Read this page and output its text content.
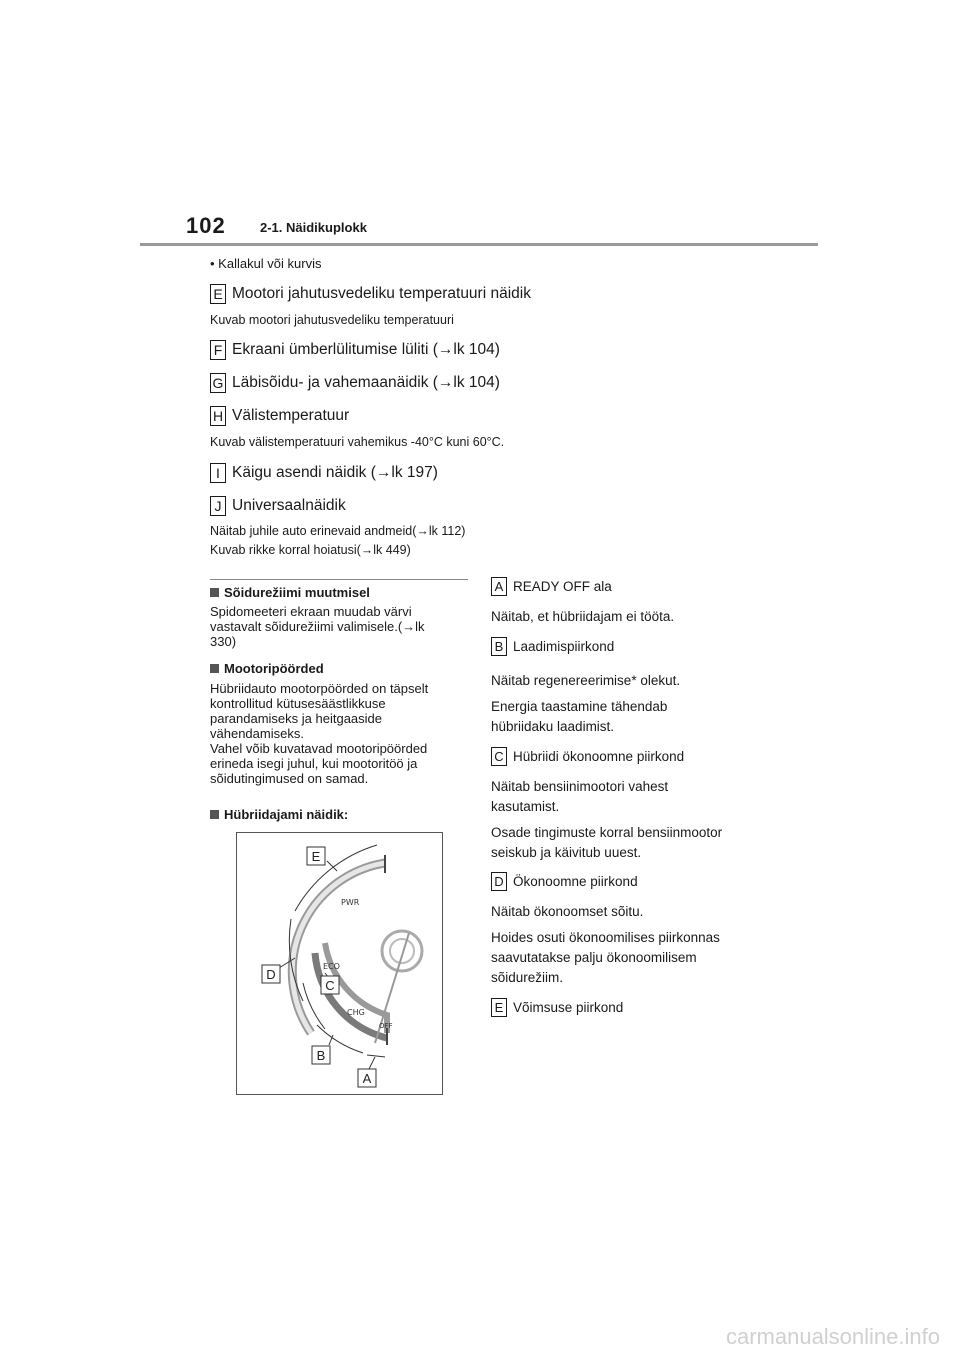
102	2-1. Näidikuplokk
• Kallakul või kurvis
E Mootori jahutusvedeliku temperatuuri näidik
Kuvab mootori jahutusvedeliku temperatuuri
F Ekraani ümberlülitumise lüliti (→lk 104)
G Läbisõidu- ja vahemaanäidik (→lk 104)
H Välistemperatuur
Kuvab välistemperatuuri vahemikus -40°C kuni 60°C.
I Käigu asendi näidik (→lk 197)
J Universaalnäidik
Näitab juhile auto erinevaid andmeid(→lk 112)
Kuvab rikke korral hoiatusi(→lk 449)
Sõidurežiimi muutmisel
Spidomeeteri ekraan muudab värvi
vastavalt sõidurežiimi valimisele.(→lk
330)
Mootoripöörded
Hübriidauto mootorpöörded on täpselt
kontrollitud kütusesäästlikkuse
parandamiseks ja heitgaaside
vähendamiseks.
Vahel võib kuvatavad mootoripöörded
erineda isegi juhul, kui mootoritöö ja
sõidutingimused on samad.
Hübriidajami näidik:
PWR
ECO
CHG
OFF
E
D
C
B
A
A READY OFF ala
Näitab, et hübriidajam ei tööta.
B Laadimispiirkond
Näitab regenereerimise* olekut.
Energia taastamine tähendab
hübriidaku laadimist.
C Hübriidi ökonoomne piirkond
Näitab bensiinimootori vahest
kasutamist.
Osade tingimuste korral bensiinmootor
seiskub ja käivitub uuest.
D Ökonoomne piirkond
Näitab ökonoomset sõitu.
Hoides osuti ökonoomilises piirkonnas
saavutatakse palju ökonoomilisem
sõidurežiim.
E Võimsuse piirkond
carmanualsonline.info
